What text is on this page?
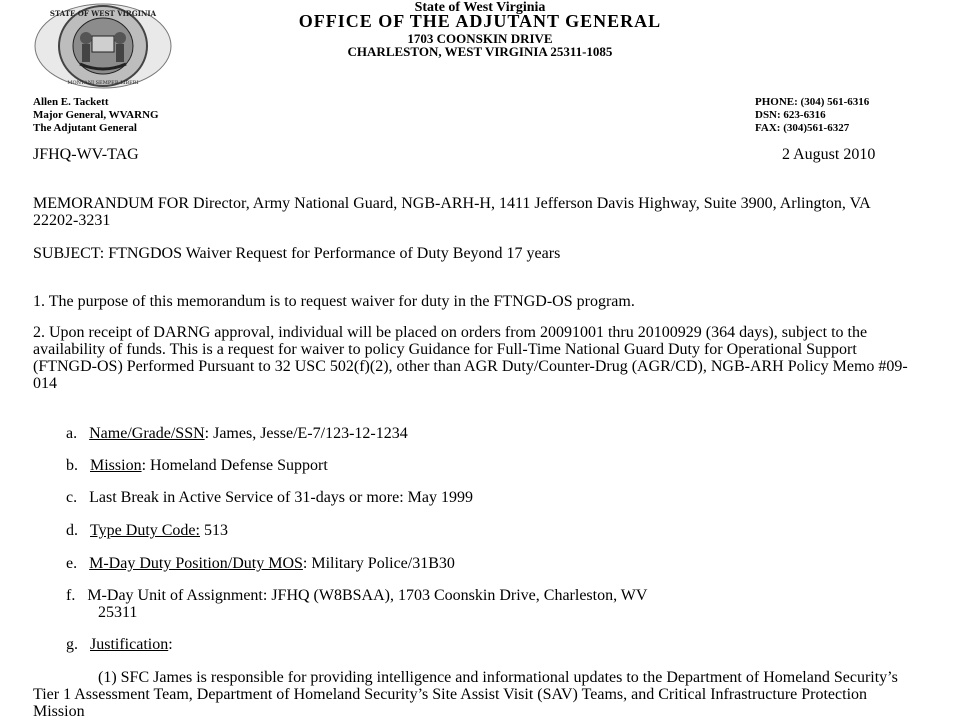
STATE OF WEST VIRGINIA
MONTANI SEMPER LIBERI
State of West Virginia
OFFICE OF THE ADJUTANT GENERAL
1703 COONSKIN DRIVE
CHARLESTON, WEST VIRGINIA 25311-1085
Allen E. Tackett
Major General, WVARNG
The Adjutant General
PHONE: (304) 561-6316
DSN: 623-6316
FAX: (304)561-6327
JFHQ-WV-TAG	2 August 2010
MEMORANDUM FOR Director, Army National Guard, NGB-ARH-H, 1411 Jefferson Davis Highway, Suite 3900, Arlington, VA 22202-3231
SUBJECT: FTNGDOS Waiver Request for Performance of Duty Beyond 17 years
1. The purpose of this memorandum is to request waiver for duty in the FTNGD-OS program.
2. Upon receipt of DARNG approval, individual will be placed on orders from 20091001 thru 20100929 (364 days), subject to the availability of funds. This is a request for waiver to policy Guidance for Full-Time National Guard Duty for Operational Support (FTNGD-OS) Performed Pursuant to 32 USC 502(f)(2), other than AGR Duty/Counter-Drug (AGR/CD), NGB-ARH Policy Memo #09-014
a. Name/Grade/SSN: James, Jesse/E-7/123-12-1234
b. Mission: Homeland Defense Support
c. Last Break in Active Service of 31-days or more: May 1999
d. Type Duty Code: 513
e. M-Day Duty Position/Duty MOS: Military Police/31B30
f. M-Day Unit of Assignment: JFHQ (W8BSAA), 1703 Coonskin Drive, Charleston, WV
25311
g. Justification:
(1) SFC James is responsible for providing intelligence and informational updates to the Department of Homeland Security’s Tier 1 Assessment Team, Department of Homeland Security’s Site Assist Visit (SAV) Teams, and Critical Infrastructure Protection Mission
